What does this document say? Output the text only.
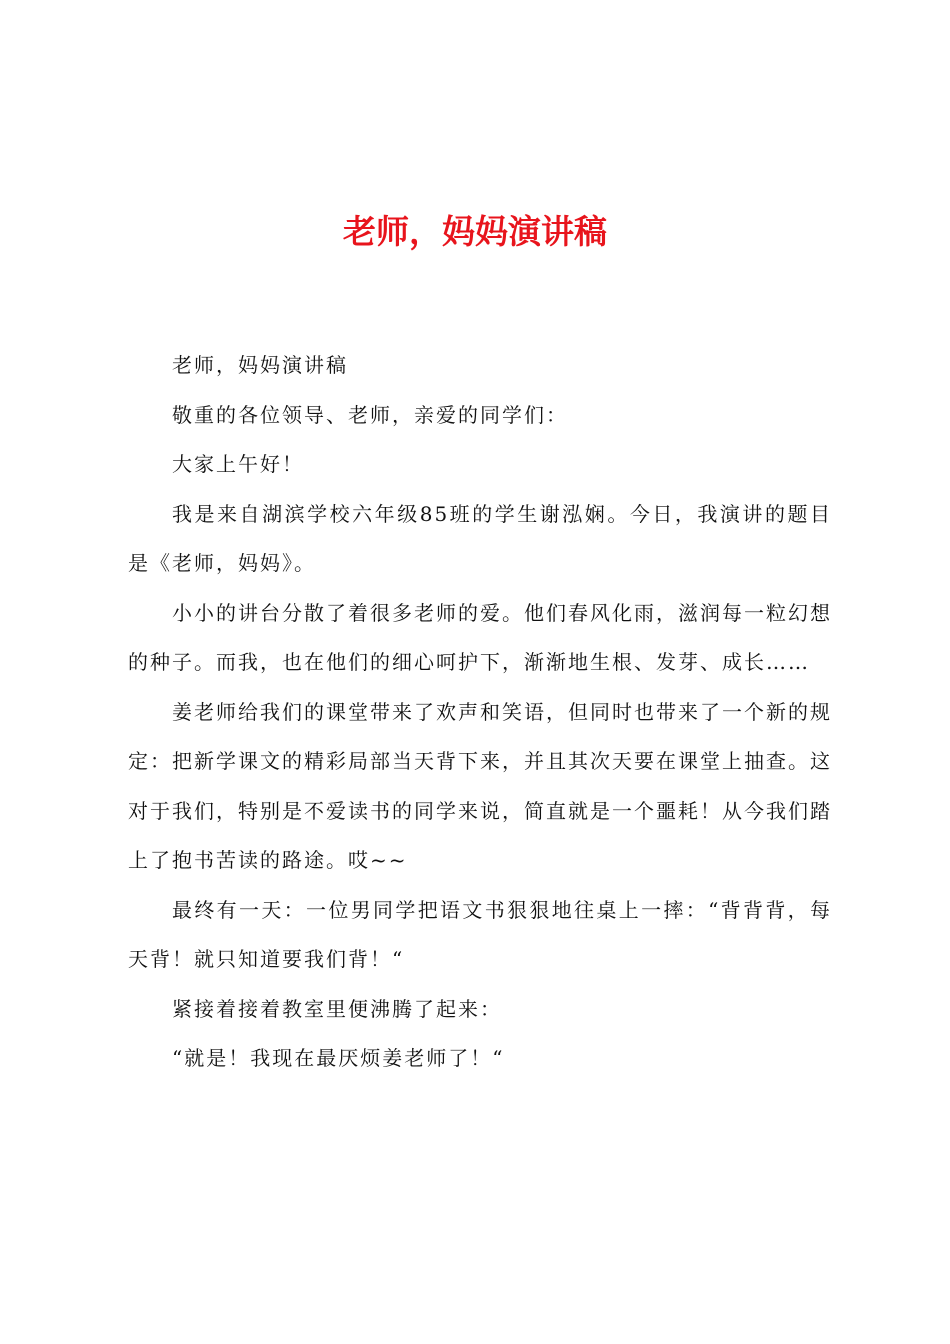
老师，妈妈演讲稿

老师，妈妈演讲稿

敬重的各位领导、老师，亲爱的同学们：

大家上午好！

我是来自湖滨学校六年级85班的学生谢泓娴。今日，我演讲的题目是《老师，妈妈》。

小小的讲台分散了着很多老师的爱。他们春风化雨，滋润每一粒幻想的种子。而我，也在他们的细心呵护下，渐渐地生根、发芽、成长……

姜老师给我们的课堂带来了欢声和笑语，但同时也带来了一个新的规定：把新学课文的精彩局部当天背下来，并且其次天要在课堂上抽查。这对于我们，特别是不爱读书的同学来说，简直就是一个噩耗！从今我们踏上了抱书苦读的路途。哎~~

最终有一天：一位男同学把语文书狠狠地往桌上一摔：“背背背，每天背！就只知道要我们背！“

紧接着接着教室里便沸腾了起来：

“就是！我现在最厌烦姜老师了！“
